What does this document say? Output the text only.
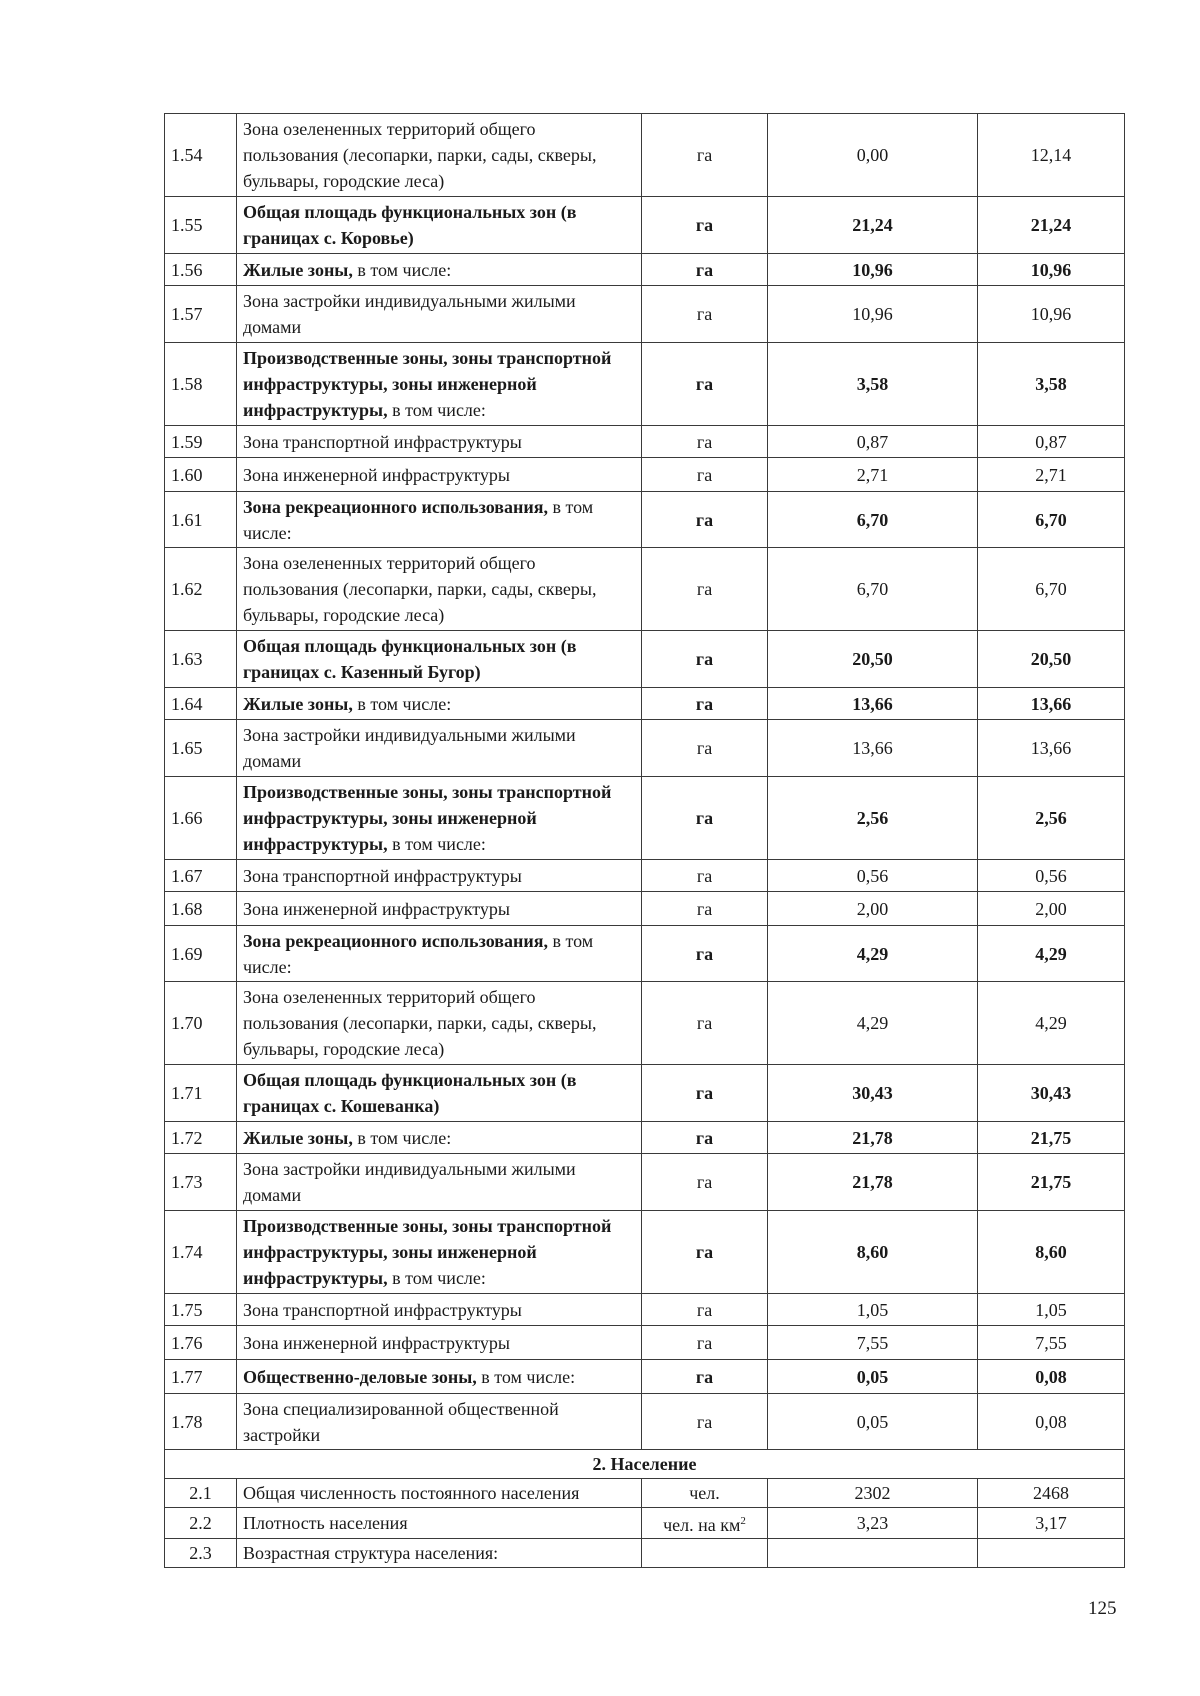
1.54	Зона озелененных территорий общего пользования (лесопарки, парки, сады, скверы, бульвары, городские леса)	га	0,00	12,14
1.55	Общая площадь функциональных зон (в границах с. Коровье)	га	21,24	21,24
1.56	Жилые зоны, в том числе:	га	10,96	10,96
1.57	Зона застройки индивидуальными жилыми домами	га	10,96	10,96
1.58	Производственные зоны, зоны транспортной инфраструктуры, зоны инженерной инфраструктуры, в том числе:	га	3,58	3,58
1.59	Зона транспортной инфраструктуры	га	0,87	0,87
1.60	Зона инженерной инфраструктуры	га	2,71	2,71
1.61	Зона рекреационного использования, в том числе:	га	6,70	6,70
1.62	Зона озелененных территорий общего пользования (лесопарки, парки, сады, скверы, бульвары, городские леса)	га	6,70	6,70
1.63	Общая площадь функциональных зон (в границах с. Казенный Бугор)	га	20,50	20,50
1.64	Жилые зоны, в том числе:	га	13,66	13,66
1.65	Зона застройки индивидуальными жилыми домами	га	13,66	13,66
1.66	Производственные зоны, зоны транспортной инфраструктуры, зоны инженерной инфраструктуры, в том числе:	га	2,56	2,56
1.67	Зона транспортной инфраструктуры	га	0,56	0,56
1.68	Зона инженерной инфраструктуры	га	2,00	2,00
1.69	Зона рекреационного использования, в том числе:	га	4,29	4,29
1.70	Зона озелененных территорий общего пользования (лесопарки, парки, сады, скверы, бульвары, городские леса)	га	4,29	4,29
1.71	Общая площадь функциональных зон (в границах с. Кошеванка)	га	30,43	30,43
1.72	Жилые зоны, в том числе:	га	21,78	21,75
1.73	Зона застройки индивидуальными жилыми домами	га	21,78	21,75
1.74	Производственные зоны, зоны транспортной инфраструктуры, зоны инженерной инфраструктуры, в том числе:	га	8,60	8,60
1.75	Зона транспортной инфраструктуры	га	1,05	1,05
1.76	Зона инженерной инфраструктуры	га	7,55	7,55
1.77	Общественно-деловые зоны, в том числе:	га	0,05	0,08
1.78	Зона специализированной общественной застройки	га	0,05	0,08
2. Население				
2.1	Общая численность постоянного населения	чел.	2302	2468
2.2	Плотность населения	чел. на $км^2$	3,23	3,17
2.3	Возрастная структура населения:			
125
